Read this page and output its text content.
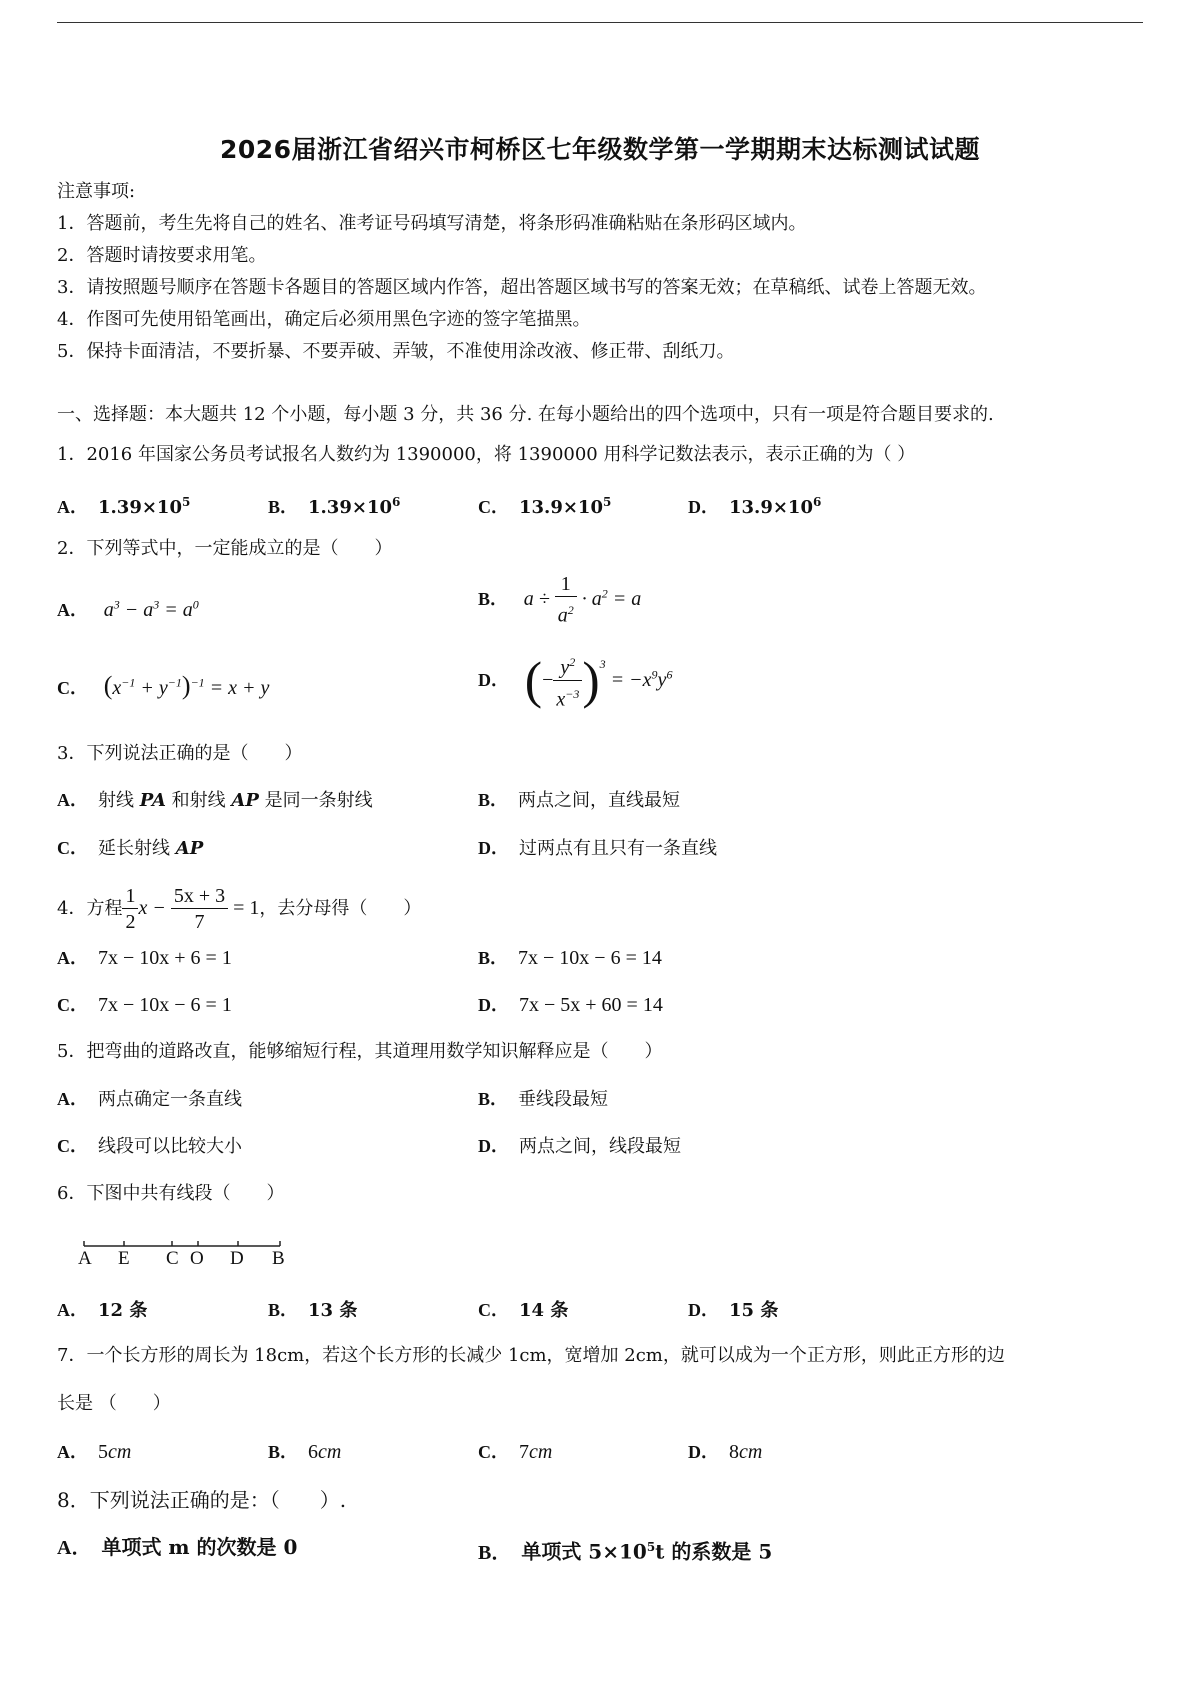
2026届浙江省绍兴市柯桥区七年级数学第一学期期末达标测试试题
注意事项:
1．答题前，考生先将自己的姓名、准考证号码填写清楚，将条形码准确粘贴在条形码区域内。
2．答题时请按要求用笔。
3．请按照题号顺序在答题卡各题目的答题区域内作答，超出答题区域书写的答案无效；在草稿纸、试卷上答题无效。
4．作图可先使用铅笔画出，确定后必须用黑色字迹的签字笔描黑。
5．保持卡面清洁，不要折暴、不要弄破、弄皱，不准使用涂改液、修正带、刮纸刀。
一、选择题：本大题共 12 个小题，每小题 3 分，共 36 分. 在每小题给出的四个选项中，只有一项是符合题目要求的.
1．2016 年国家公务员考试报名人数约为 1390000，将 1390000 用科学记数法表示，表示正确的为（ ）
A． $1.39\times 10^5$	B． $1.39\times 10^6$	C． $13.9\times 10^5$	D． $13.9\times 10^6$
2．下列等式中，一定能成立的是（　　）
A． $a^3 - a^3 = a^0$	B． $a \div \frac{1}{a^2} \cdot a^2 = a$
C． $(x^{-1} + y^{-1})^{-1} = x + y$	D． (− $\frac{y^2}{x^{-3}} )^3 = -x^9y^6$
3．下列说法正确的是（　　）
A． 射线 PA 和射线 AP 是同一条射线	B． 两点之间，直线最短
C． 延长射线 AP	D． 过两点有且只有一条直线
4．方程 $\frac{1}{2}$ $x - \frac{5x + 3}{7} = 1$，去分母得（　　）
A． 7x − 10x + 6 = 1	B． 7x − 10x − 6 = 14
C． 7x − 10x − 6 = 1	D． 7x − 5x + 60 = 14
5．把弯曲的道路改直，能够缩短行程，其道理用数学知识解释应是（　　）
A． 两点确定一条直线	B． 垂线段最短
C． 线段可以比较大小	D． 两点之间，线段最短
6．下图中共有线段（　　）
A E C O D B
A． 12 条	B． 13 条	C． 14 条	D． 15 条
7．一个长方形的周长为 18cm，若这个长方形的长减少 1cm，宽增加 2cm，就可以成为一个正方形，则此正方形的边
长是 （　　）
A． 5cm	B． 6cm	C． 7cm	D． 8cm
8．下列说法正确的是：（　　）.
A． 单项式 m 的次数是 0	B． 单项式 $5\times 10^5t$ 的系数是 5
